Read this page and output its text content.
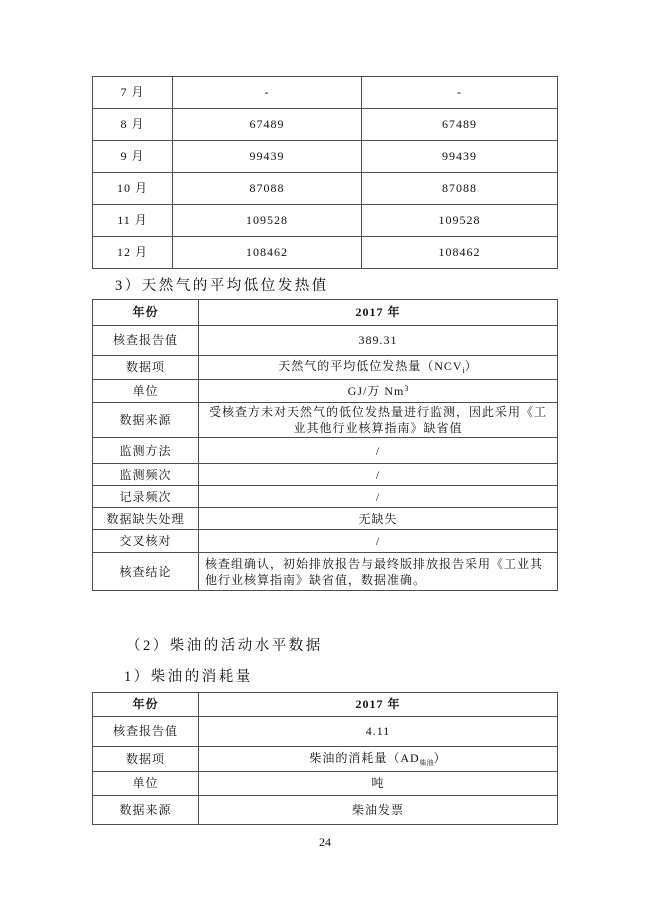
7 月	-	-
8 月	67489	67489
9 月	99439	99439
10 月	87088	87088
11 月	109528	109528
12 月	108462	108462
3）天然气的平均低位发热值
年份	2017 年
核查报告值	389.31
数据项	天然气的平均低位发热量$(NCV_i)$
单位	GJ/万 Nm$^3$
数据来源	受核查方未对天然气的低位发热量进行监测，因此采用《工业其他行业核算指南》缺省值
监测方法	/
监测频次	/
记录频次	/
数据缺失处理	无缺失
交叉核对	/
核查结论	核查组确认，初始排放报告与最终版排放报告采用《工业其他行业核算指南》缺省值，数据准确。
（2）柴油的活动水平数据
1）柴油的消耗量
年份	2017 年
核查报告值	4.11
数据项	柴油的消耗量$(AD_{柴油})$
单位	吨
数据来源	柴油发票
24
